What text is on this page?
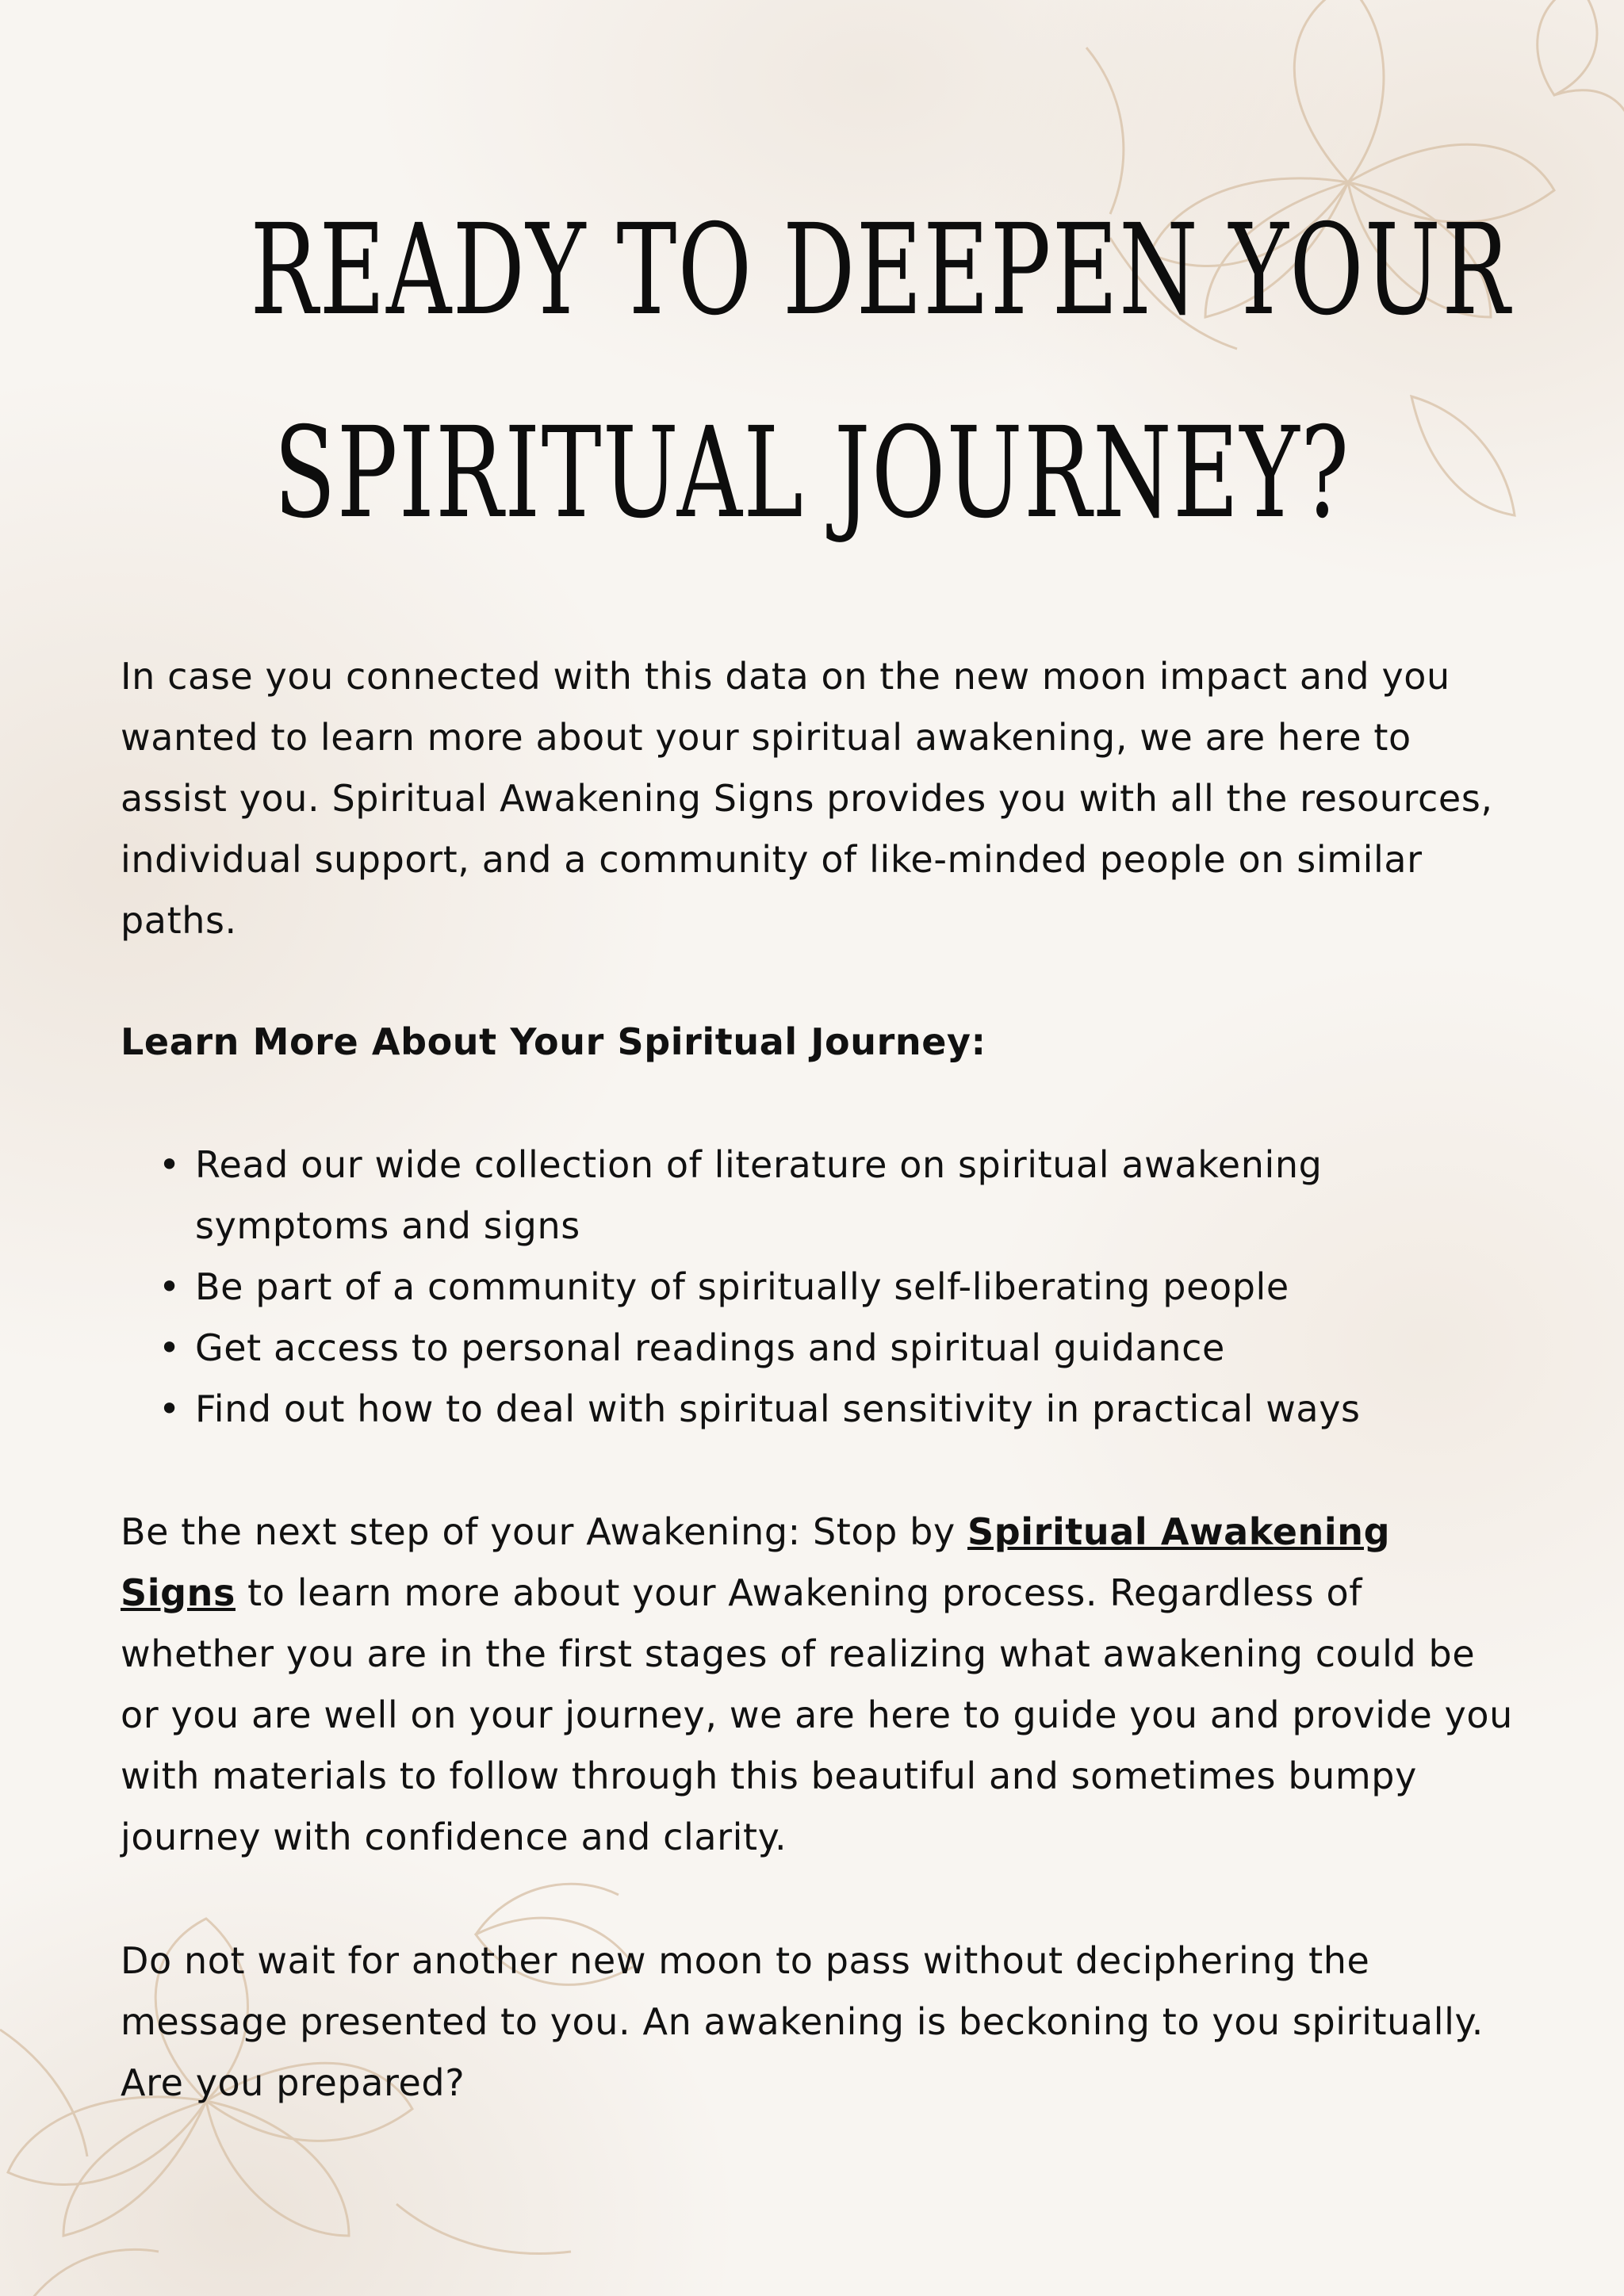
READY TO DEEPEN YOUR
SPIRITUAL JOURNEY?

In case you connected with this data on the new moon impact and you wanted to learn more about your spiritual awakening, we are here to assist you. Spiritual Awakening Signs provides you with all the resources, individual support, and a community of like-minded people on similar paths.

Learn More About Your Spiritual Journey:

• Read our wide collection of literature on spiritual awakening symptoms and signs
• Be part of a community of spiritually self-liberating people
• Get access to personal readings and spiritual guidance
• Find out how to deal with spiritual sensitivity in practical ways

Be the next step of your Awakening: Stop by Spiritual Awakening Signs to learn more about your Awakening process. Regardless of whether you are in the first stages of realizing what awakening could be or you are well on your journey, we are here to guide you and provide you with materials to follow through this beautiful and sometimes bumpy journey with confidence and clarity.

Do not wait for another new moon to pass without deciphering the message presented to you. An awakening is beckoning to you spiritually. Are you prepared?
